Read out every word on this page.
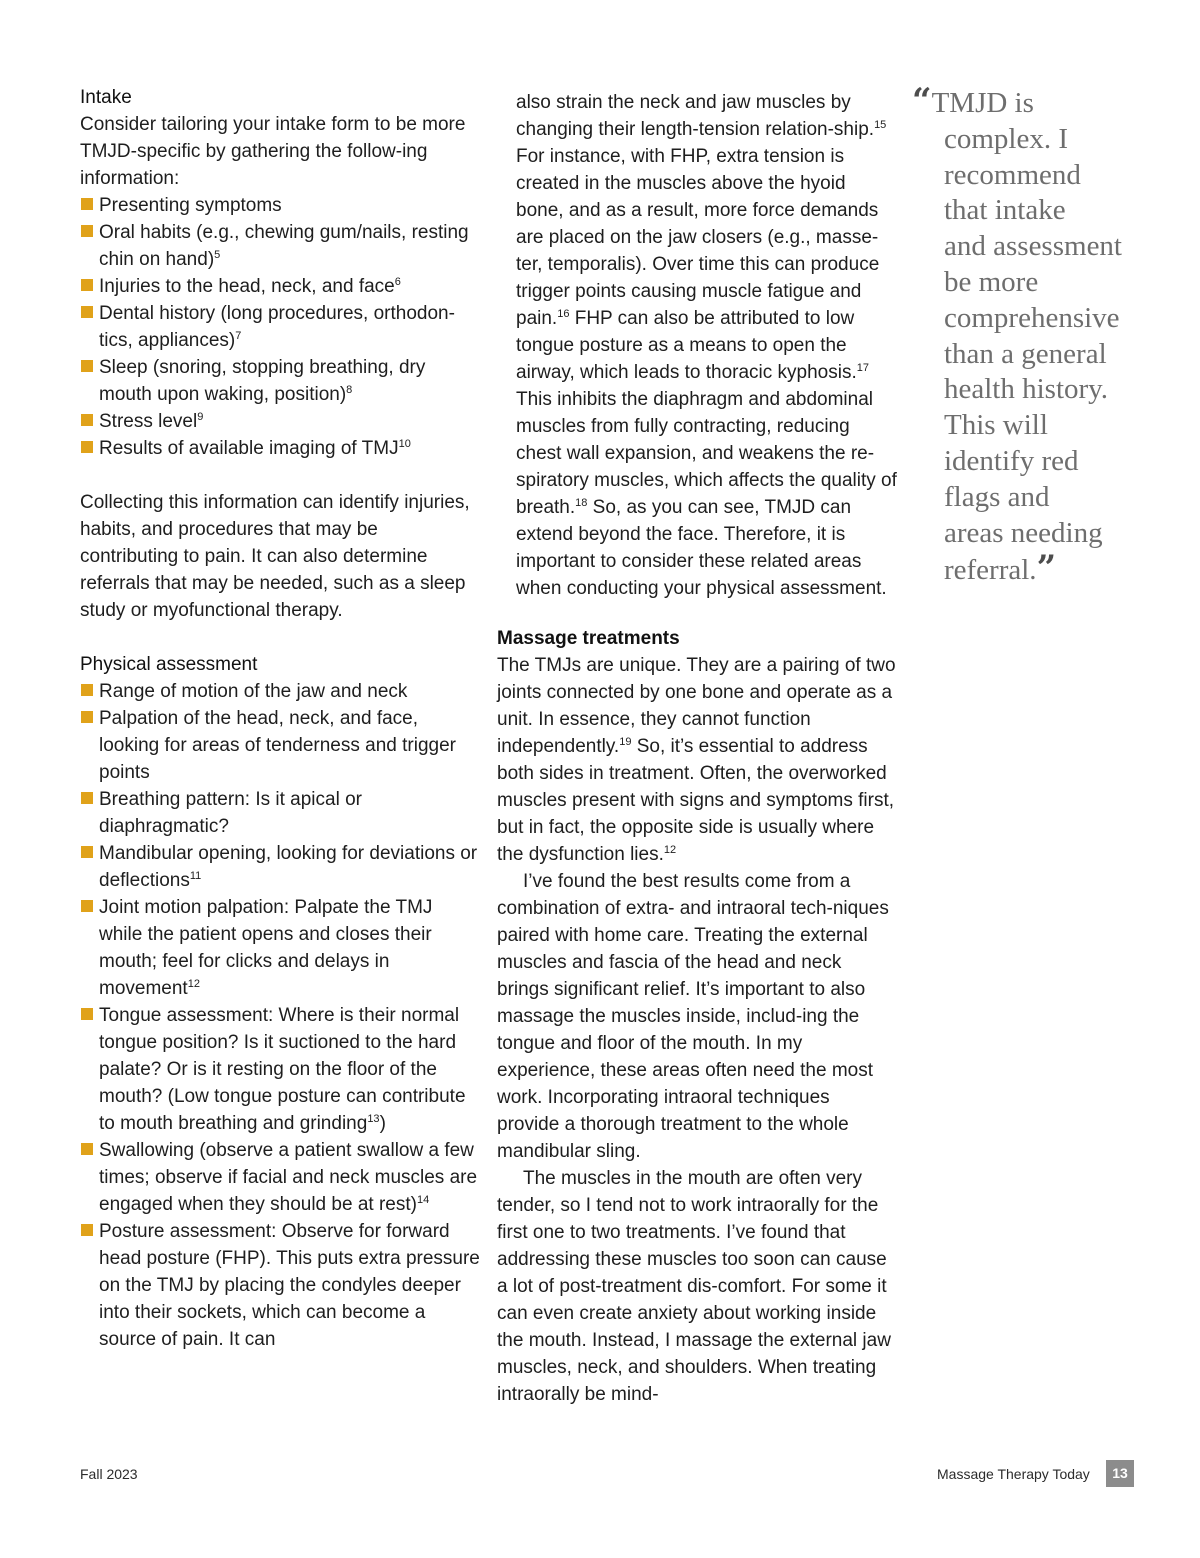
Intake

Consider tailoring your intake form to be more TMJD-specific by gathering the follow-ing information:

Presenting symptoms
Oral habits (e.g., chewing gum/nails, resting chin on hand)$^5$
Injuries to the head, neck, and face$^6$
Dental history (long procedures, orthodon-tics, appliances)$^7$
Sleep (snoring, stopping breathing, dry mouth upon waking, position)$^8$
Stress level$^9$
Results of available imaging of TMJ$^{10}$

Collecting this information can identify injuries, habits, and procedures that may be contributing to pain. It can also determine referrals that may be needed, such as a sleep study or myofunctional therapy.

Physical assessment
Range of motion of the jaw and neck
Palpation of the head, neck, and face, looking for areas of tenderness and trigger points
Breathing pattern: Is it apical or diaphragmatic?
Mandibular opening, looking for deviations or deflections$^{11}$
Joint motion palpation: Palpate the TMJ while the patient opens and closes their mouth; feel for clicks and delays in movement$^{12}$
Tongue assessment: Where is their normal tongue position? Is it suctioned to the hard palate? Or is it resting on the floor of the mouth? (Low tongue posture can contribute to mouth breathing and grinding$^{13}$)
Swallowing (observe a patient swallow a few times; observe if facial and neck muscles are engaged when they should be at rest)$^{14}$
Posture assessment: Observe for forward head posture (FHP). This puts extra pressure on the TMJ by placing the condyles deeper into their sockets, which can become a source of pain. It can

also strain the neck and jaw muscles by changing their length-tension relation-ship.$^{15}$ For instance, with FHP, extra tension is created in the muscles above the hyoid bone, and as a result, more force demands are placed on the jaw closers (e.g., masse-ter, temporalis). Over time this can produce trigger points causing muscle fatigue and pain.$^{16}$ FHP can also be attributed to low tongue posture as a means to open the airway, which leads to thoracic kyphosis.$^{17}$ This inhibits the diaphragm and abdominal muscles from fully contracting, reducing chest wall expansion, and weakens the re-spiratory muscles, which affects the quality of breath.$^{18}$ So, as you can see, TMJD can extend beyond the face. Therefore, it is important to consider these related areas when conducting your physical assessment.

Massage treatments

The TMJs are unique. They are a pairing of two joints connected by one bone and operate as a unit. In essence, they cannot function independently.$^{19}$ So, it’s essential to address both sides in treatment. Often, the overworked muscles present with signs and symptoms first, but in fact, the opposite side is usually where the dysfunction lies.$^{12}$

I’ve found the best results come from a combination of extra- and intraoral tech-niques paired with home care. Treating the external muscles and fascia of the head and neck brings significant relief. It’s important to also massage the muscles inside, includ-ing the tongue and floor of the mouth. In my experience, these areas often need the most work. Incorporating intraoral techniques provide a thorough treatment to the whole mandibular sling.

The muscles in the mouth are often very tender, so I tend not to work intraorally for the first one to two treatments. I’ve found that addressing these muscles too soon can cause a lot of post-treatment dis-comfort. For some it can even create anxiety about working inside the mouth. Instead, I massage the external jaw muscles, neck, and shoulders. When treating intraorally be mind-

“TMJD is
complex. I
recommend
that intake
and assessment
be more
comprehensive
than a general
health history.
This will
identify red
flags and
areas needing
referral.”
Fall 2023	Massage Therapy Today	13
